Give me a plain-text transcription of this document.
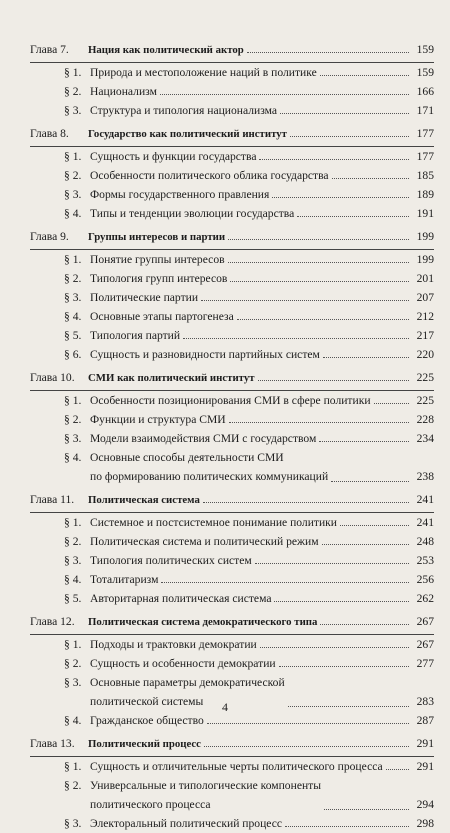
Глава 7.	Нация как политический актор	159
§ 1. Природа и местоположение наций в политике	159
§ 2. Национализм	166
§ 3. Структура и типология национализма	171
Глава 8.	Государство как политический институт	177
§ 1. Сущность и функции государства	177
§ 2. Особенности политического облика государства	185
§ 3. Формы государственного правления	189
§ 4. Типы и тенденции эволюции государства	191
Глава 9.	Группы интересов и партии	199
§ 1. Понятие группы интересов	199
§ 2. Типология групп интересов	201
§ 3. Политические партии	207
§ 4. Основные этапы партогенеза	212
§ 5. Типология партий	217
§ 6. Сущность и разновидности партийных систем	220
Глава 10.	СМИ как политический институт	225
§ 1. Особенности позиционирования СМИ в сфере политики	225
§ 2. Функции и структура СМИ	228
§ 3. Модели взаимодействия СМИ с государством	234
§ 4. Основные способы деятельности СМИ
по формированию политических коммуникаций	238
Глава 11.	Политическая система	241
§ 1. Системное и постсистемное понимание политики	241
§ 2. Политическая система и политический режим	248
§ 3. Типология политических систем	253
§ 4. Тоталитаризм	256
§ 5. Авторитарная политическая система	262
Глава 12.	Политическая система демократического типа	267
§ 1. Подходы и трактовки демократии	267
§ 2. Сущность и особенности демократии	277
§ 3. Основные параметры демократической
политической системы	283
§ 4. Гражданское общество	287
Глава 13.	Политический процесс	291
§ 1. Сущность и отличительные черты политического процесса	291
§ 2. Универсальные и типологические компоненты
политического процесса	294
§ 3. Электоральный политический процесс	298
4
